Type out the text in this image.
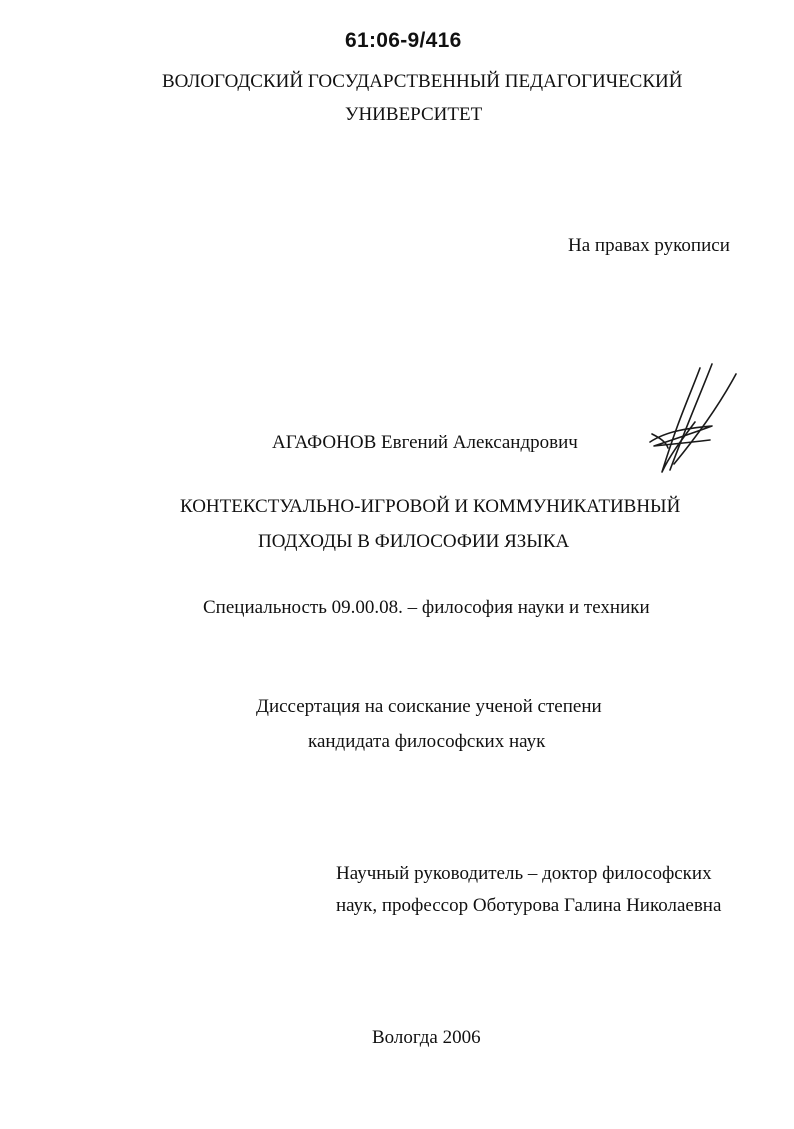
61:06-9/416
ВОЛОГОДСКИЙ ГОСУДАРСТВЕННЫЙ ПЕДАГОГИЧЕСКИЙ
УНИВЕРСИТЕТ
На правах рукописи
АГАФОНОВ Евгений Александрович
КОНТЕКСТУАЛЬНО-ИГРОВОЙ И КОММУНИКАТИВНЫЙ
ПОДХОДЫ В ФИЛОСОФИИ ЯЗЫКА
Специальность 09.00.08. – философия науки и техники
Диссертация на соискание ученой степени
кандидата философских наук
Научный руководитель – доктор философских
наук, профессор Оботурова Галина Николаевна
Вологда 2006
